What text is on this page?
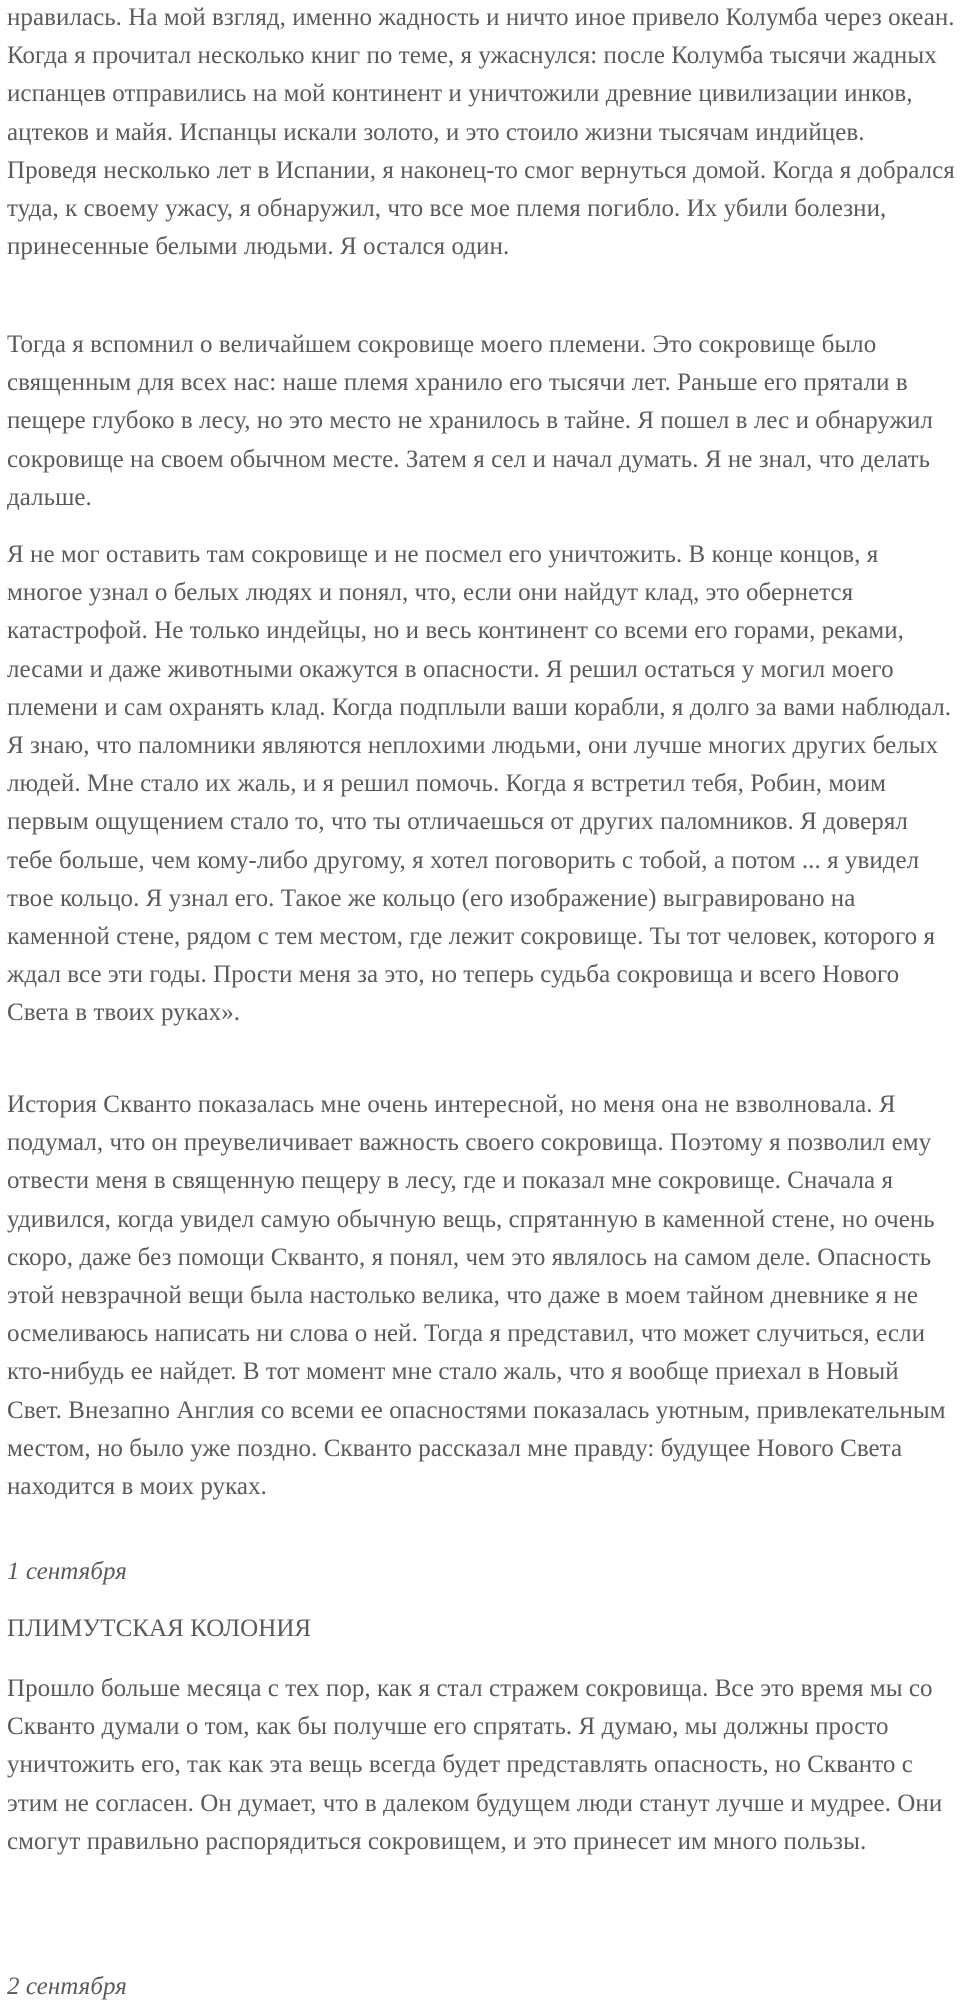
нравилась. На мой взгляд, именно жадность и ничто иное привело Колумба через океан. Когда я прочитал несколько книг по теме, я ужаснулся: после Колумба тысячи жадных испанцев отправились на мой континент и уничтожили древние цивилизации инков, ацтеков и майя. Испанцы искали золото, и это стоило жизни тысячам индийцев. Проведя несколько лет в Испании, я наконец-то смог вернуться домой. Когда я добрался туда, к своему ужасу, я обнаружил, что все мое племя погибло. Их убили болезни, принесенные белыми людьми. Я остался один.

Тогда я вспомнил о величайшем сокровище моего племени. Это сокровище было священным для всех нас: наше племя хранило его тысячи лет. Раньше его прятали в пещере глубоко в лесу, но это место не хранилось в тайне. Я пошел в лес и обнаружил сокровище на своем обычном месте. Затем я сел и начал думать. Я не знал, что делать дальше.

Я не мог оставить там сокровище и не посмел его уничтожить. В конце концов, я многое узнал о белых людях и понял, что, если они найдут клад, это обернется катастрофой. Не только индейцы, но и весь континент со всеми его горами, реками, лесами и даже животными окажутся в опасности. Я решил остаться у могил моего племени и сам охранять клад. Когда подплыли ваши корабли, я долго за вами наблюдал. Я знаю, что паломники являются неплохими людьми, они лучше многих других белых людей. Мне стало их жаль, и я решил помочь. Когда я встретил тебя, Робин, моим первым ощущением стало то, что ты отличаешься от других паломников. Я доверял тебе больше, чем кому-либо другому, я хотел поговорить с тобой, а потом ... я увидел твое кольцо. Я узнал его. Такое же кольцо (его изображение) выгравировано на каменной стене, рядом с тем местом, где лежит сокровище. Ты тот человек, которого я ждал все эти годы. Прости меня за это, но теперь судьба сокровища и всего Нового Света в твоих руках».

История Скванто показалась мне очень интересной, но меня она не взволновала. Я подумал, что он преувеличивает важность своего сокровища. Поэтому я позволил ему отвести меня в священную пещеру в лесу, где и показал мне сокровище. Сначала я удивился, когда увидел самую обычную вещь, спрятанную в каменной стене, но очень скоро, даже без помощи Скванто, я понял, чем это являлось на самом деле. Опасность этой невзрачной вещи была настолько велика, что даже в моем тайном дневнике я не осмеливаюсь написать ни слова о ней. Тогда я представил, что может случиться, если кто-нибудь ее найдет. В тот момент мне стало жаль, что я вообще приехал в Новый Свет. Внезапно Англия со всеми ее опасностями показалась уютным, привлекательным местом, но было уже поздно. Скванто рассказал мне правду: будущее Нового Света находится в моих руках.

1 сентября
ПЛИМУТСКАЯ КОЛОНИЯ

Прошло больше месяца с тех пор, как я стал стражем сокровища. Все это время мы со Скванто думали о том, как бы получше его спрятать. Я думаю, мы должны просто уничтожить его, так как эта вещь всегда будет представлять опасность, но Скванто с этим не согласен. Он думает, что в далеком будущем люди станут лучше и мудрее. Они смогут правильно распорядиться сокровищем, и это принесет им много пользы.

2 сентября
